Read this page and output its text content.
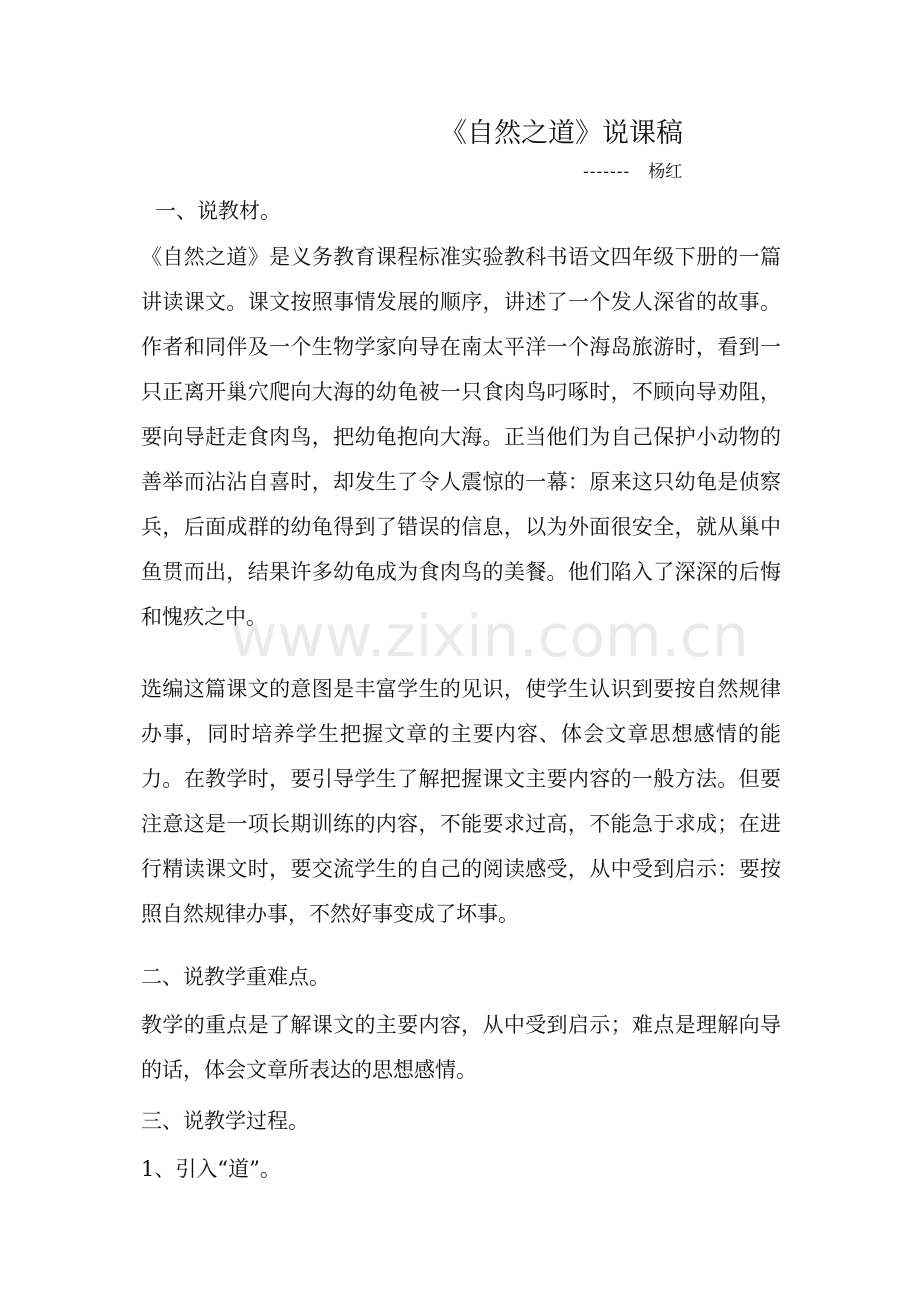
《自然之道》说课稿
------- 杨红
一、说教材。

《自然之道》是义务教育课程标准实验教科书语文四年级下册的一篇讲读课文。课文按照事情发展的顺序，讲述了一个发人深省的故事。作者和同伴及一个生物学家向导在南太平洋一个海岛旅游时，看到一只正离开巢穴爬向大海的幼龟被一只食肉鸟叼啄时，不顾向导劝阻，要向导赶走食肉鸟，把幼龟抱向大海。正当他们为自己保护小动物的善举而沾沾自喜时，却发生了令人震惊的一幕：原来这只幼龟是侦察兵，后面成群的幼龟得到了错误的信息，以为外面很安全，就从巢中鱼贯而出，结果许多幼龟成为食肉鸟的美餐。他们陷入了深深的后悔和愧疚之中。

选编这篇课文的意图是丰富学生的见识，使学生认识到要按自然规律办事，同时培养学生把握文章的主要内容、体会文章思想感情的能力。在教学时，要引导学生了解把握课文主要内容的一般方法。但要注意这是一项长期训练的内容，不能要求过高，不能急于求成；在进行精读课文时，要交流学生的自己的阅读感受，从中受到启示：要按照自然规律办事，不然好事变成了坏事。

二、说教学重难点。

教学的重点是了解课文的主要内容，从中受到启示；难点是理解向导的话，体会文章所表达的思想感情。

三、说教学过程。
1、引入“道”。
www.zixin.com.cn
